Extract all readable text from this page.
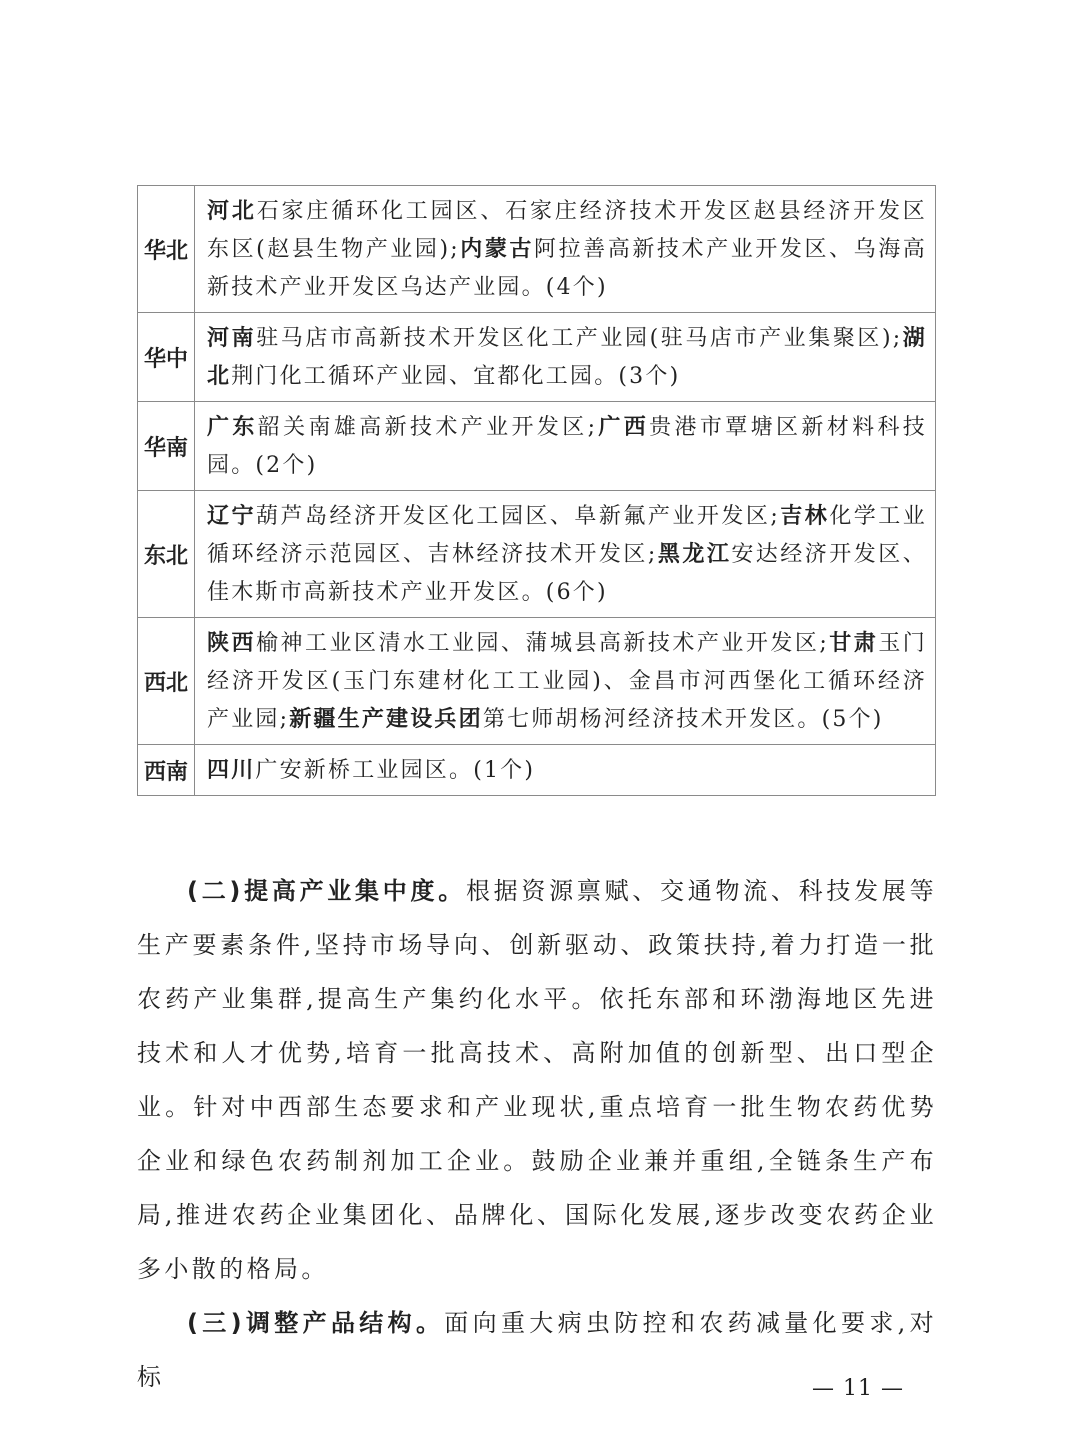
华北	河北石家庄循环化工园区、石家庄经济技术开发区赵县经济开发区东区(赵县生物产业园);内蒙古阿拉善高新技术产业开发区、乌海高新技术产业开发区乌达产业园。(4个)
华中	河南驻马店市高新技术开发区化工产业园(驻马店市产业集聚区);湖北荆门化工循环产业园、宜都化工园。(3个)
华南	广东韶关南雄高新技术产业开发区;广西贵港市覃塘区新材料科技园。(2个)
东北	辽宁葫芦岛经济开发区化工园区、阜新氟产业开发区;吉林化学工业循环经济示范园区、吉林经济技术开发区;黑龙江安达经济开发区、佳木斯市高新技术产业开发区。(6个)
西北	陕西榆神工业区清水工业园、蒲城县高新技术产业开发区;甘肃玉门经济开发区(玉门东建材化工工业园)、金昌市河西堡化工循环经济产业园;新疆生产建设兵团第七师胡杨河经济技术开发区。(5个)
西南	四川广安新桥工业园区。(1个)

(二)提高产业集中度。根据资源禀赋、交通物流、科技发展等生产要素条件,坚持市场导向、创新驱动、政策扶持,着力打造一批农药产业集群,提高生产集约化水平。依托东部和环渤海地区先进技术和人才优势,培育一批高技术、高附加值的创新型、出口型企业。针对中西部生态要求和产业现状,重点培育一批生物农药优势企业和绿色农药制剂加工企业。鼓励企业兼并重组,全链条生产布局,推进农药企业集团化、品牌化、国际化发展,逐步改变农药企业多小散的格局。

(三)调整产品结构。面向重大病虫防控和农药减量化要求,对标	— 11 —
